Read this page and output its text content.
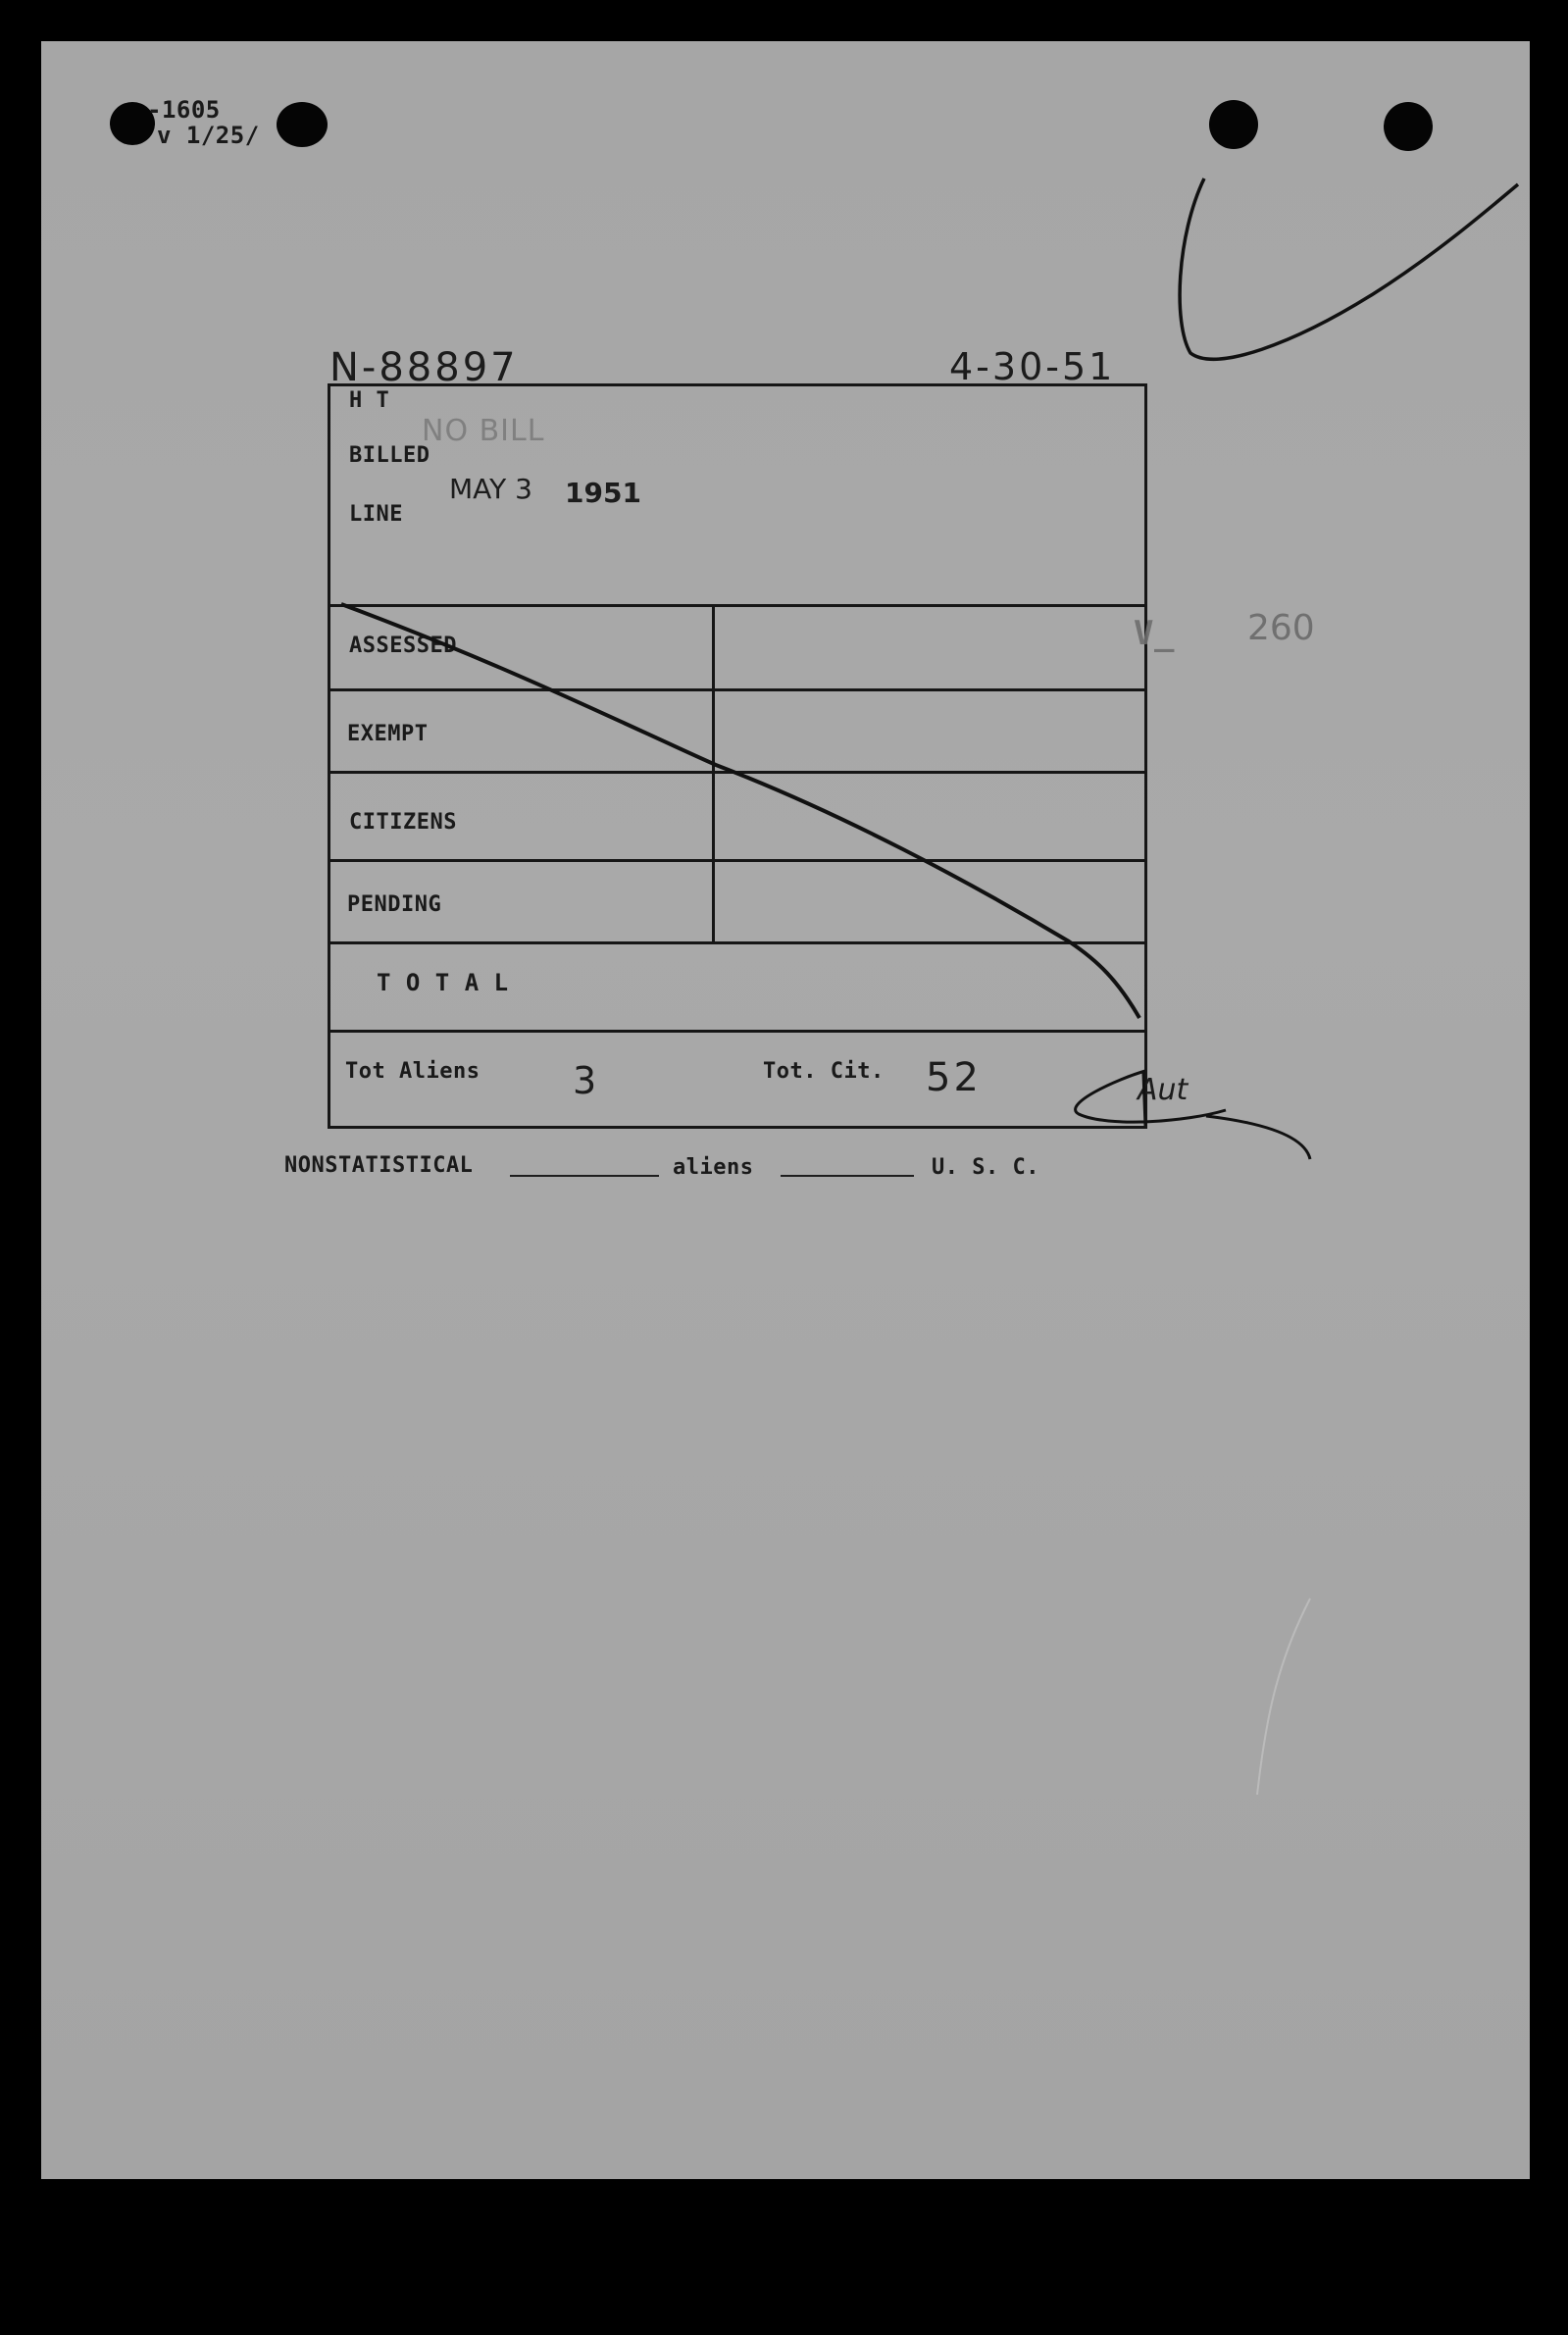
-1605
v 1/25/
N-88897	4-30-51
H T
NO BILL
BILLED
MAY 3 1951
LINE
ASSESSED
EXEMPT
CITIZENS
PENDING
T O T A L
Tot Aliens 3	Tot. Cit. 52	Aut
V_ 260
NONSTATISTICAL	aliens	U. S. C.
